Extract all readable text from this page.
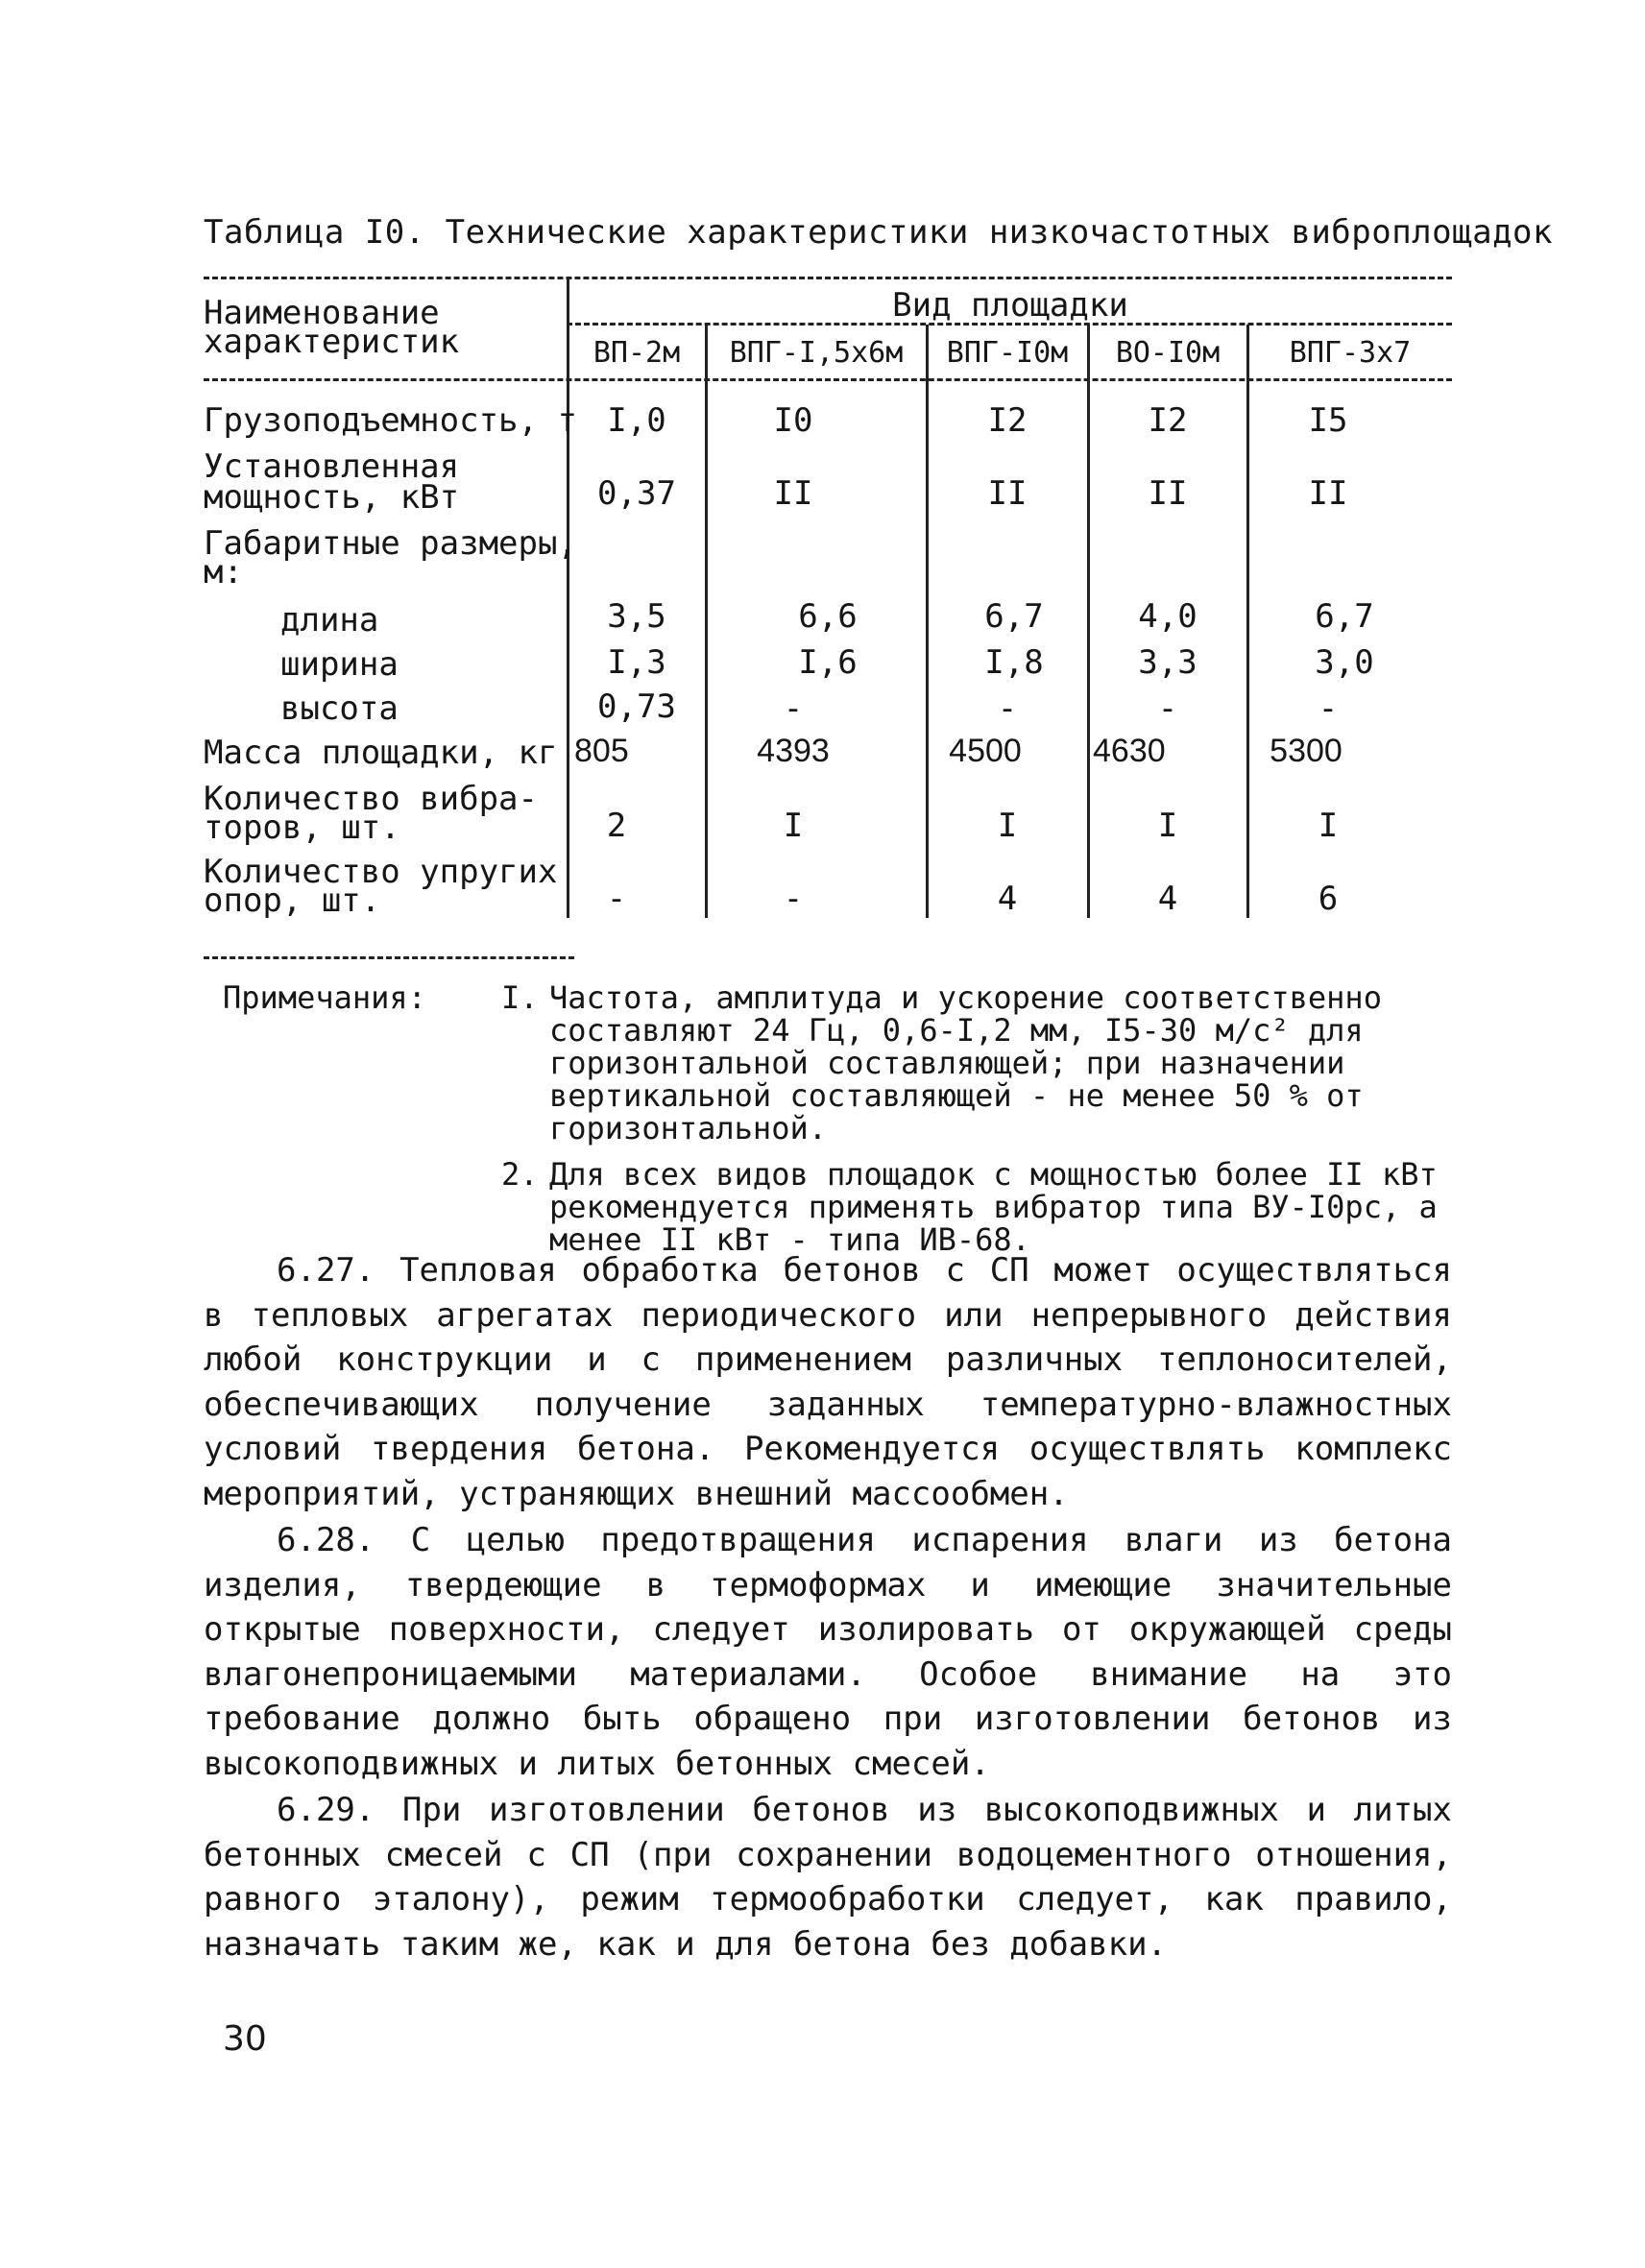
Таблица I0. Технические характеристики низкочастотных виброплощадок
Наименование
характеристик
Вид площадки
ВП-2м	ВПГ-I,5x6м	ВПГ-I0м	ВО-I0м	ВПГ-3x7
Грузоподъемность, т I,0	I0	I2	I2	I5
Установленная
мощность, кВт	0,37	II	II	II	II
Габаритные размеры,
м:
длина	3,5	6,6	6,7	4,0	6,7
ширина	I,3	I,6	I,8	3,3	3,0
высота	0,73	-	-	-	-
Масса площадки, кг 805	4393	4500	4630	5300
Количество вибра-
торов, шт.	2	I	I	I	I
Количество упругих
опор, шт.	-	-	4	4	6
Примечания:	I. Частота, амплитуда и ускорение соответственно составляют 24 Гц, 0,6-I,2 мм, I5-30 м/с² для горизонтальной составляющей; при назначении вертикальной составляющей - не менее 50 % от горизонтальной.
2. Для всех видов площадок с мощностью более II кВт рекомендуется применять вибратор типа ВУ-I0рс, а менее II кВт - типа ИВ-68.

6.27. Тепловая обработка бетонов с СП может осуществляться в тепловых агрегатах периодического или непрерывного действия любой конструкции и с применением различных теплоносителей, обеспечивающих получение заданных температурно-влажностных условий твердения бетона. Рекомендуется осуществлять комплекс мероприятий, устраняющих внешний массообмен.

6.28. С целью предотвращения испарения влаги из бетона изделия, твердеющие в термоформах и имеющие значительные открытые поверхности, следует изолировать от окружающей среды влагонепроницаемыми материалами. Особое внимание на это требование должно быть обращено при изготовлении бетонов из высокоподвижных и литых бетонных смесей.

6.29. При изготовлении бетонов из высокоподвижных и литых бетонных смесей с СП (при сохранении водоцементного отношения, равного эталону), режим термообработки следует, как правило, назначать таким же, как и для бетона без добавки.

30
